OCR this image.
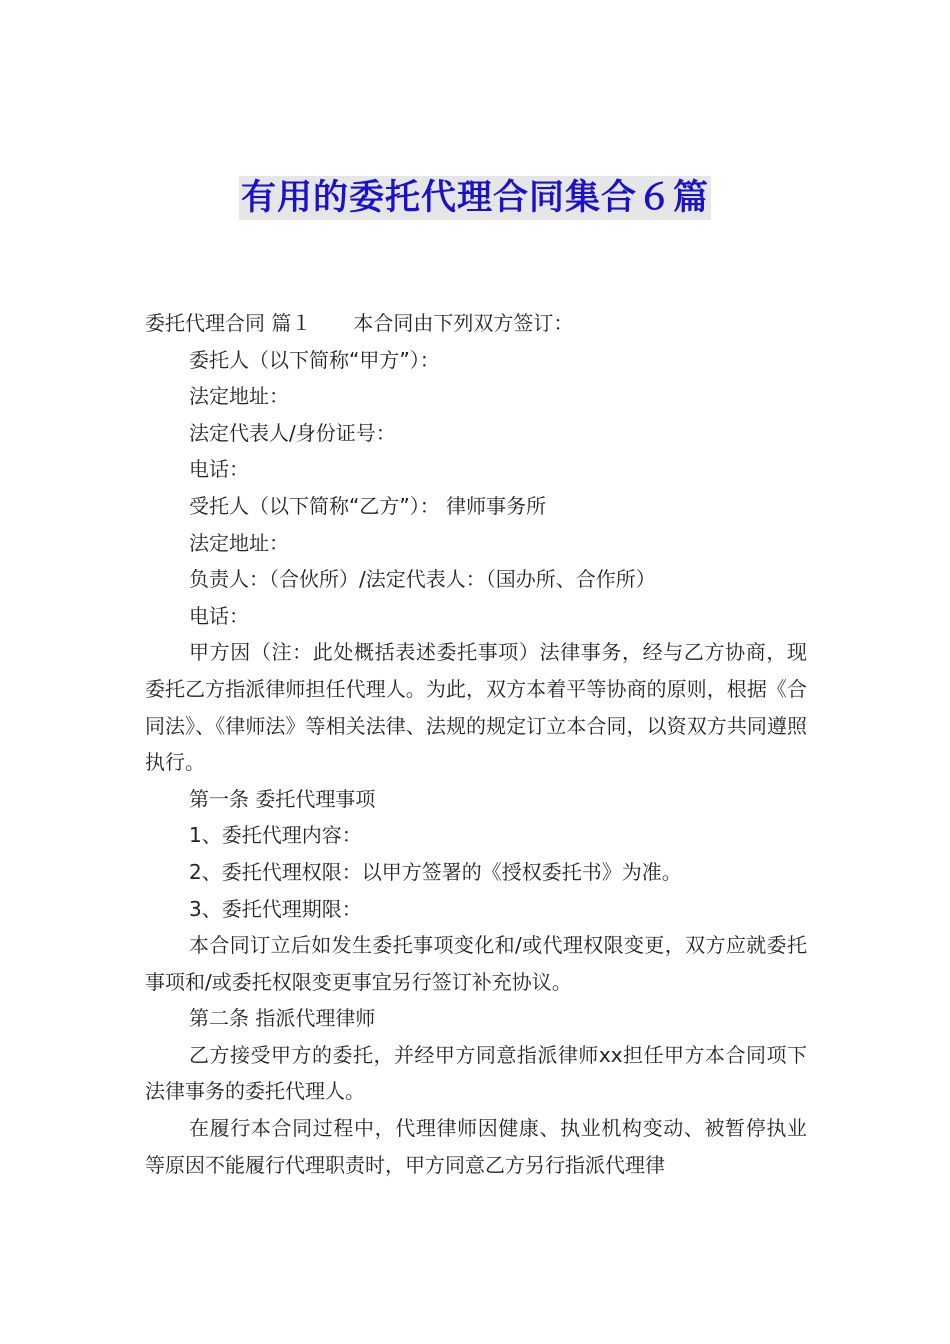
有用的委托代理合同集合６篇
委托代理合同 篇１ 本合同由下列双方签订：
委托人（以下简称“甲方”）：
法定地址：
法定代表人/身份证号：
电话：
受托人（以下简称“乙方”）： 律师事务所
法定地址：
负责人：（合伙所）/法定代表人：（国办所、合作所）
电话：
甲方因（注：此处概括表述委托事项）法律事务，经与乙方协商，现委托乙方指派律师担任代理人。为此，双方本着平等协商的原则，根据《合同法》、《律师法》等相关法律、法规的规定订立本合同，以资双方共同遵照执行。
第一条 委托代理事项
1、委托代理内容：
2、委托代理权限：以甲方签署的《授权委托书》为准。
3、委托代理期限：
本合同订立后如发生委托事项变化和/或代理权限变更，双方应就委托事项和/或委托权限变更事宜另行签订补充协议。
第二条 指派代理律师
乙方接受甲方的委托，并经甲方同意指派律师xx担任甲方本合同项下法律事务的委托代理人。
在履行本合同过程中，代理律师因健康、执业机构变动、被暂停执业等原因不能履行代理职责时，甲方同意乙方另行指派代理律
